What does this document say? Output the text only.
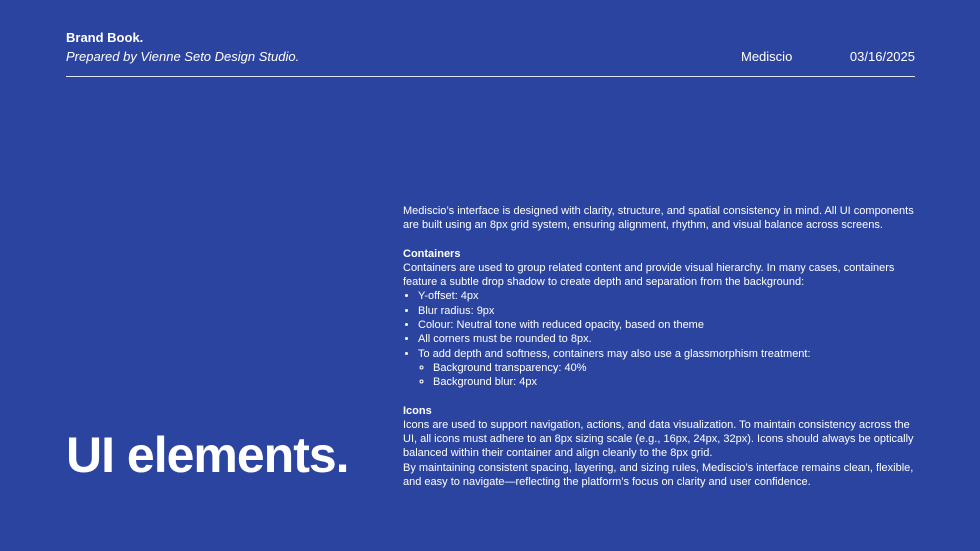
Brand Book.
Prepared by Vienne Seto Design Studio.	Mediscio	03/16/2025
UI elements.

Mediscio’s interface is designed with clarity, structure, and spatial consistency in mind. All UI components are built using an 8px grid system, ensuring alignment, rhythm, and visual balance across screens.

Containers

Containers are used to group related content and provide visual hierarchy. In many cases, containers feature a subtle drop shadow to create depth and separation from the background:

• Y-offset: 4px
• Blur radius: 9px
• Colour: Neutral tone with reduced opacity, based on theme
• All corners must be rounded to 8px.
• To add depth and softness, containers may also use a glassmorphism treatment:
◦ Background transparency: 40%
◦ Background blur: 4px

Icons

Icons are used to support navigation, actions, and data visualization. To maintain consistency across the UI, all icons must adhere to an 8px sizing scale (e.g., 16px, 24px, 32px). Icons should always be optically balanced within their container and align cleanly to the 8px grid.

By maintaining consistent spacing, layering, and sizing rules, Mediscio’s interface remains clean, flexible, and easy to navigate—reflecting the platform’s focus on clarity and user confidence.
